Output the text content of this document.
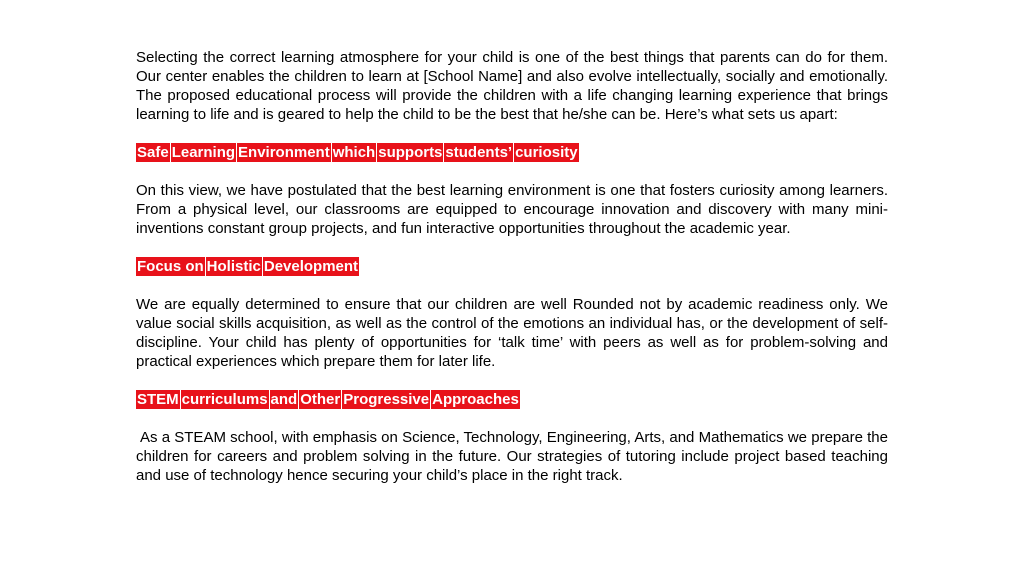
Selecting the correct learning atmosphere for your child is one of the best things that parents can do for them. Our center enables the children to learn at [School Name] and also evolve intellectually, socially and emotionally. The proposed educational process will provide the children with a life changing learning experience that brings learning to life and is geared to help the child to be the best that he/she can be. Here’s what sets us apart:

Safe Learning Environment which supports students’ curiosity

On this view, we have postulated that the best learning environment is one that fosters curiosity among learners. From a physical level, our classrooms are equipped to encourage innovation and discovery with many mini-inventions constant group projects, and fun interactive opportunities throughout the academic year.

Focus on Holistic Development

We are equally determined to ensure that our children are well Rounded not by academic readiness only. We value social skills acquisition, as well as the control of the emotions an individual has, or the development of self-discipline. Your child has plenty of opportunities for ‘talk time’ with peers as well as for problem-solving and practical experiences which prepare them for later life.

STEM curriculums and Other Progressive Approaches

As a STEAM school, with emphasis on Science, Technology, Engineering, Arts, and Mathematics we prepare the children for careers and problem solving in the future. Our strategies of tutoring include project based teaching and use of technology hence securing your child’s place in the right track.
